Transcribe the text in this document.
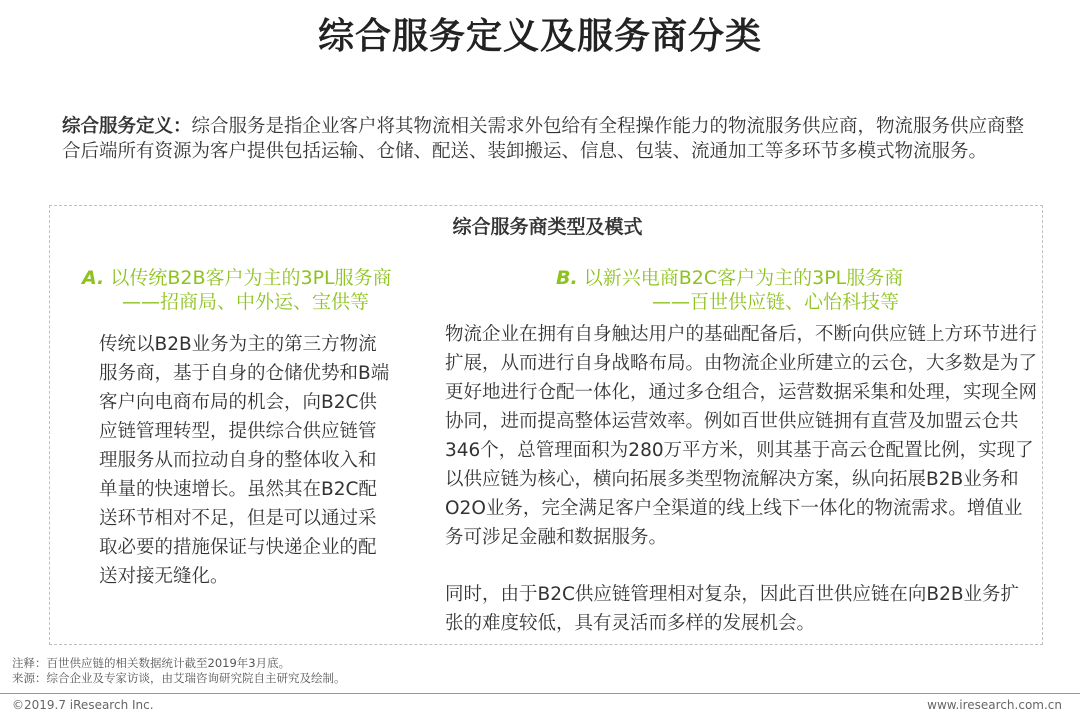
综合服务定义及服务商分类
综合服务定义：综合服务是指企业客户将其物流相关需求外包给有全程操作能力的物流服务供应商，物流服务供应商整合后端所有资源为客户提供包括运输、仓储、配送、装卸搬运、信息、包装、流通加工等多环节多模式物流服务。
综合服务商类型及模式
A. 以传统B2B客户为主的3PL服务商
——招商局、中外运、宝供等
B. 以新兴电商B2C客户为主的3PL服务商
——百世供应链、心怡科技等
传统以B2B业务为主的第三方物流服务商，基于自身的仓储优势和B端客户向电商布局的机会，向B2C供应链管理转型，提供综合供应链管理服务从而拉动自身的整体收入和单量的快速增长。虽然其在B2C配送环节相对不足，但是可以通过采取必要的措施保证与快递企业的配送对接无缝化。
物流企业在拥有自身触达用户的基础配备后，不断向供应链上方环节进行扩展，从而进行自身战略布局。由物流企业所建立的云仓，大多数是为了更好地进行仓配一体化，通过多仓组合，运营数据采集和处理，实现全网协同，进而提高整体运营效率。例如百世供应链拥有直营及加盟云仓共346个，总管理面积为280万平方米，则其基于高云仓配置比例，实现了以供应链为核心，横向拓展多类型物流解决方案，纵向拓展B2B业务和O2O业务，完全满足客户全渠道的线上线下一体化的物流需求。增值业务可涉足金融和数据服务。
同时，由于B2C供应链管理相对复杂，因此百世供应链在向B2B业务扩张的难度较低，具有灵活而多样的发展机会。
注释：百世供应链的相关数据统计截至2019年3月底。
来源：综合企业及专家访谈，由艾瑞咨询研究院自主研究及绘制。
©2019.7 iResearch Inc.	www.iresearch.com.cn
